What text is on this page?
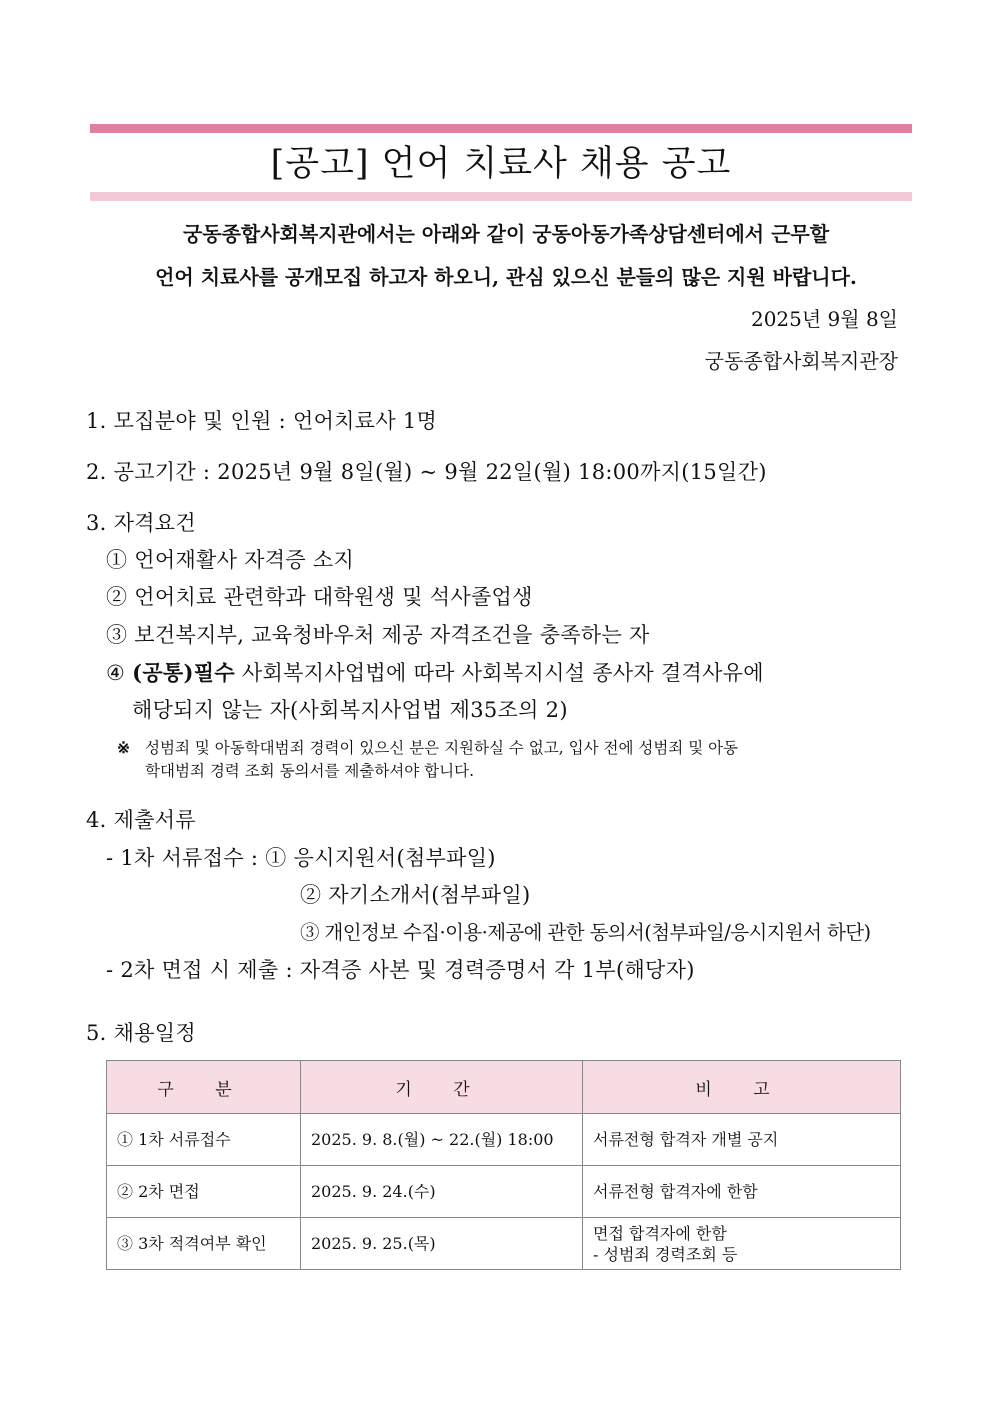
[공고] 언어 치료사 채용 공고
궁동종합사회복지관에서는 아래와 같이 궁동아동가족상담센터에서 근무할
언어 치료사를 공개모집 하고자 하오니, 관심 있으신 분들의 많은 지원 바랍니다.
2025년 9월 8일
궁동종합사회복지관장
1. 모집분야 및 인원 : 언어치료사 1명
2. 공고기간 : 2025년 9월 8일(월) ~ 9월 22일(월) 18:00까지(15일간)
3. 자격요건
① 언어재활사 자격증 소지
② 언어치료 관련학과 대학원생 및 석사졸업생
③ 보건복지부, 교육청바우처 제공 자격조건을 충족하는 자
④ (공통)필수 사회복지사업법에 따라 사회복지시설 종사자 결격사유에
해당되지 않는 자(사회복지사업법 제35조의 2)
※ 성범죄 및 아동학대범죄 경력이 있으신 분은 지원하실 수 없고, 입사 전에 성범죄 및 아동
학대범죄 경력 조회 동의서를 제출하셔야 합니다.
4. 제출서류
- 1차 서류접수 : ① 응시지원서(첨부파일)
② 자기소개서(첨부파일)
③ 개인정보 수집·이용·제공에 관한 동의서(첨부파일/응시지원서 하단)
- 2차 면접 시 제출 : 자격증 사본 및 경력증명서 각 1부(해당자)
5. 채용일정
구 분	기 간	비 고
① 1차 서류접수	2025. 9. 8.(월) ~ 22.(월) 18:00	서류전형 합격자 개별 공지
② 2차 면접	2025. 9. 24.(수)	서류전형 합격자에 한함
③ 3차 적격여부 확인	2025. 9. 25.(목)	면접 합격자에 한함
- 성범죄 경력조회 등
